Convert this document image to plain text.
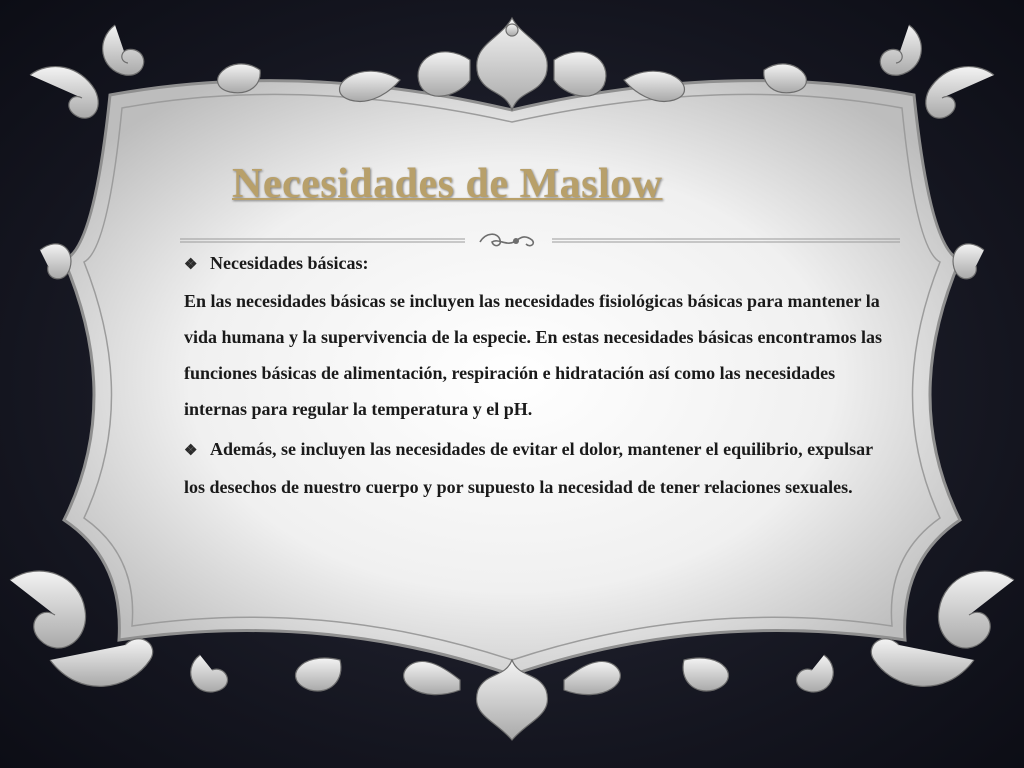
Necesidades de Maslow
❖ Necesidades básicas:

En las necesidades básicas se incluyen las necesidades fisiológicas básicas para mantener la vida humana y la supervivencia de la especie. En estas necesidades básicas encontramos las funciones básicas de alimentación, respiración e hidratación así como las necesidades internas para regular la temperatura y el pH.

❖ Además, se incluyen las necesidades de evitar el dolor, mantener el equilibrio, expulsar los desechos de nuestro cuerpo y por supuesto la necesidad de tener relaciones sexuales.
